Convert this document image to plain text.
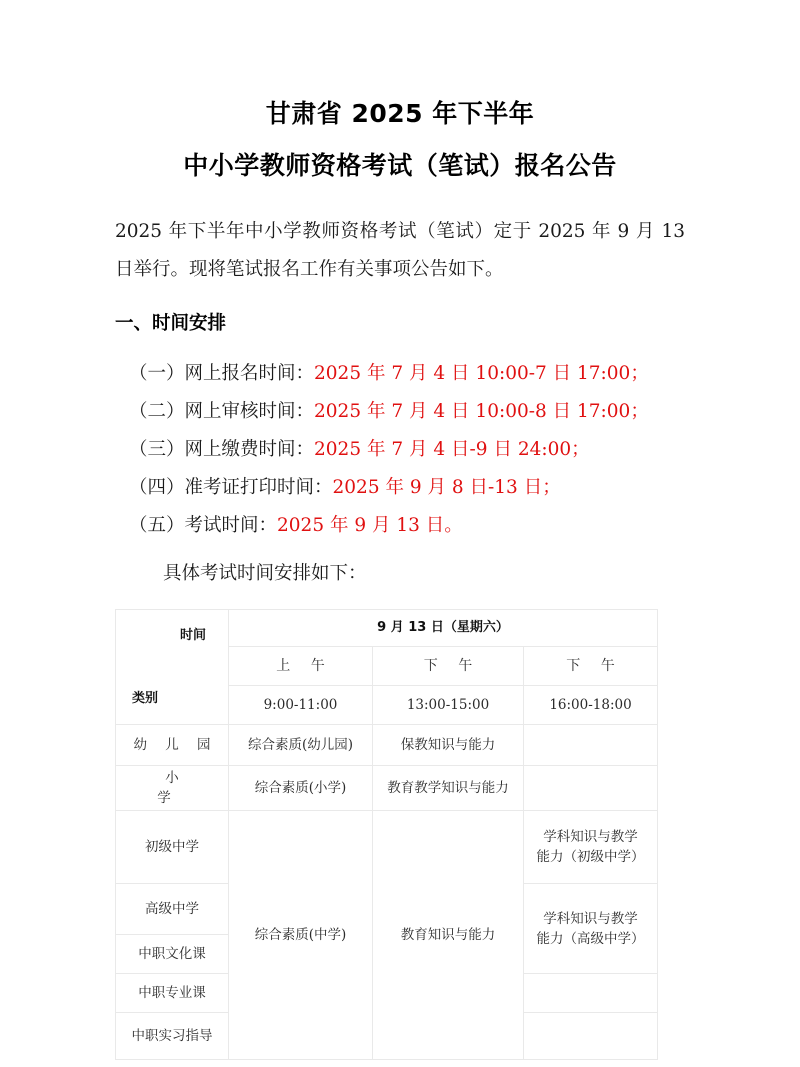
甘肃省 2025 年下半年
中小学教师资格考试（笔试）报名公告

2025 年下半年中小学教师资格考试（笔试）定于 2025 年 9 月 13 日举行。现将笔试报名工作有关事项公告如下。

一、时间安排
（一）网上报名时间：2025 年 7 月 4 日 10:00-7 日 17:00；
（二）网上审核时间：2025 年 7 月 4 日 10:00-8 日 17:00；
（三）网上缴费时间：2025 年 7 月 4 日-9 日 24:00；
（四）准考证打印时间：2025 年 9 月 8 日-13 日；
（五）考试时间：2025 年 9 月 13 日。

具体考试时间安排如下：

时间
类别	9 月 13 日（星期六）		
	上 午	下 午	下 午
	9:00-11:00	13:00-15:00	16:00-18:00
幼 儿 园	综合素质(幼儿园)	保教知识与能力	
小　　学	综合素质(小学)	教育教学知识与能力	
初级中学	综合素质(中学)	教育知识与能力	学科知识与教学
能力（初级中学）

高级中学			学科知识与教学
能力（高级中学）

中职文化课			
中职专业课			
中职实习指导			
